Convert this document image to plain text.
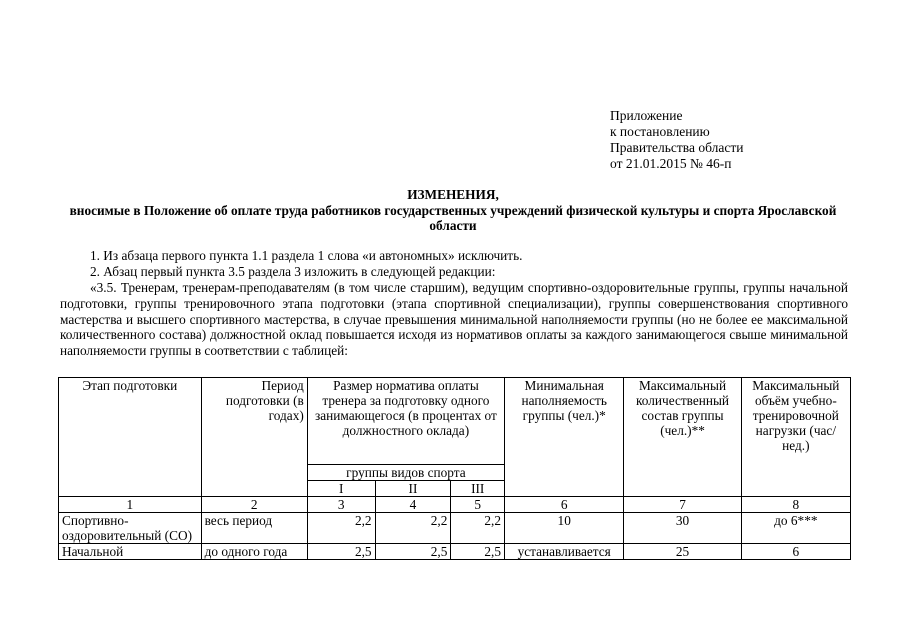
Приложение
к постановлению
Правительства области
от 21.01.2015 № 46-п
ИЗМЕНЕНИЯ,
вносимые в Положение об оплате труда работников государственных учреждений физической культуры и спорта Ярославской области
1. Из абзаца первого пункта 1.1 раздела 1 слова «и автономных» исключить.
2. Абзац первый пункта 3.5 раздела 3 изложить в следующей редакции:
«3.5. Тренерам, тренерам-преподавателям (в том числе старшим), ведущим спортивно-оздоровительные группы, группы начальной подготовки, группы тренировочного этапа подготовки (этапа спортивной специализации), группы совершенствования спортивного мастерства и высшего спортивного мастерства, в случае превышения минимальной наполняемости группы (но не более ее максимальной количественного состава) должностной оклад повышается исходя из нормативов оплаты за каждого занимающегося свыше минимальной наполняемости группы в соответствии с таблицей:
Этап подготовки	Период подготовки (в годах)	Размер норматива оплаты тренера за подготовку одного занимающегося (в процентах от должностного оклада)			Минимальная наполняемость группы (чел.)*	Максимальный количественный состав группы (чел.)**	Максимальный объём учебно-тренировочной нагрузки (час/нед.)
		группы видов спорта					
		I	II	III			
1	2	3	4	5	6	7	8
Спортивно-оздоровительный (СО)	весь период	2,2	2,2	2,2	10	30	до 6***
Начальной	до одного года	2,5	2,5	2,5	устанавливается	25	6
